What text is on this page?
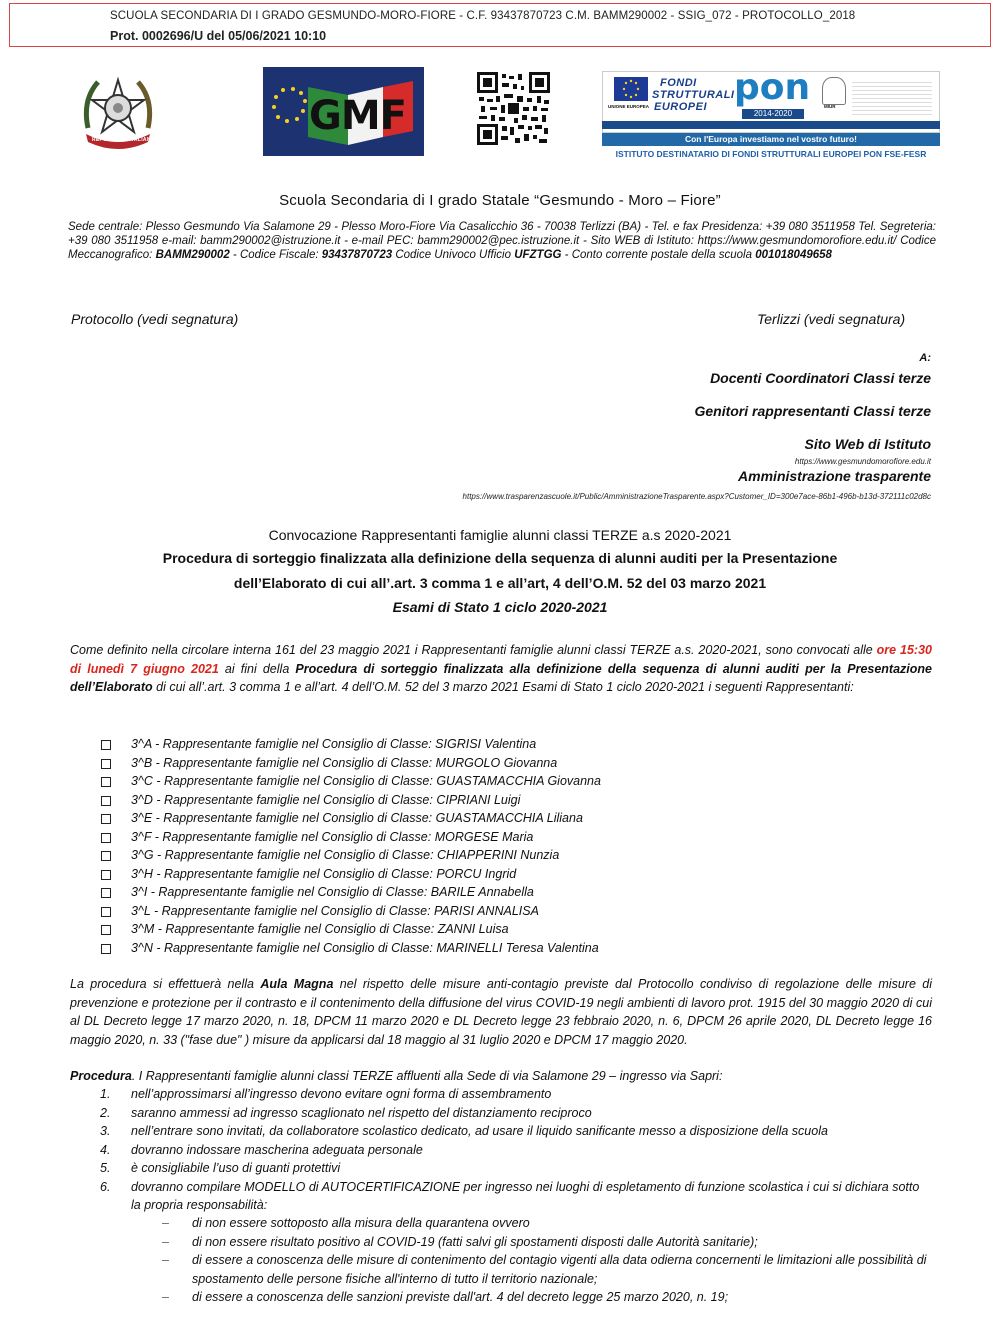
SCUOLA SECONDARIA DI I GRADO GESMUNDO-MORO-FIORE - C.F. 93437870723 C.M. BAMM290002 - SSIG_072 - PROTOCOLLO_2018
Prot. 0002696/U del 05/06/2021 10:10
REPUBBLICA ITALIANA
GMF	UNIONE EUROPEA
FONDI
STRUTTURALI
EUROPEI pon
2014-2020
MIUR
Con l'Europa investiamo nel vostro futuro!
ISTITUTO DESTINATARIO DI FONDI STRUTTURALI EUROPEI PON FSE-FESR
Scuola Secondaria di I grado Statale “Gesmundo - Moro – Fiore”
Sede centrale: Plesso Gesmundo Via Salamone 29 - Plesso Moro-Fiore Via Casalicchio 36 - 70038 Terlizzi (BA) - Tel. e fax Presidenza: +39 080 3511958 Tel. Segreteria: +39 080 3511958 e-mail: bamm290002@istruzione.it - e-mail PEC: bamm290002@pec.istruzione.it - Sito WEB di Istituto: https://www.gesmundomorofiore.edu.it/ Codice Meccanografico: BAMM290002 - Codice Fiscale: 93437870723 Codice Univoco Ufficio UFZTGG - Conto corrente postale della scuola 001018049658
Protocollo (vedi segnatura)	Terlizzi (vedi segnatura)
A:
Docenti Coordinatori Classi terze
Genitori rappresentanti Classi terze
Sito Web di Istituto
https://www.gesmundomorofiore.edu.it
Amministrazione trasparente
https://www.trasparenzascuole.it/Public/AmministrazioneTrasparente.aspx?Customer_ID=300e7ace-86b1-496b-b13d-372111c02d8c
Convocazione Rappresentanti famiglie alunni classi TERZE a.s 2020-2021
Procedura di sorteggio finalizzata alla definizione della sequenza di alunni auditi per la Presentazione
dell’Elaborato di cui all’.art. 3 comma 1 e all’art, 4 dell’O.M. 52 del 03 marzo 2021
Esami di Stato 1 ciclo 2020-2021
Come definito nella circolare interna 161 del 23 maggio 2021 i Rappresentanti famiglie alunni classi TERZE a.s. 2020-2021, sono convocati alle ore 15:30 di lunedì 7 giugno 2021 ai fini della Procedura di sorteggio finalizzata alla definizione della sequenza di alunni auditi per la Presentazione dell’Elaborato di cui all’.art. 3 comma 1 e all’art. 4 dell’O.M. 52 del 3 marzo 2021 Esami di Stato 1 ciclo 2020-2021 i seguenti Rappresentanti:
3^A - Rappresentante famiglie nel Consiglio di Classe: SIGRISI Valentina
3^B - Rappresentante famiglie nel Consiglio di Classe: MURGOLO Giovanna
3^C - Rappresentante famiglie nel Consiglio di Classe: GUASTAMACCHIA Giovanna
3^D - Rappresentante famiglie nel Consiglio di Classe: CIPRIANI Luigi
3^E - Rappresentante famiglie nel Consiglio di Classe: GUASTAMACCHIA Liliana
3^F - Rappresentante famiglie nel Consiglio di Classe: MORGESE Maria
3^G - Rappresentante famiglie nel Consiglio di Classe: CHIAPPERINI Nunzia
3^H - Rappresentante famiglie nel Consiglio di Classe: PORCU Ingrid
3^I - Rappresentante famiglie nel Consiglio di Classe: BARILE Annabella
3^L - Rappresentante famiglie nel Consiglio di Classe: PARISI ANNALISA
3^M - Rappresentante famiglie nel Consiglio di Classe: ZANNI Luisa
3^N - Rappresentante famiglie nel Consiglio di Classe: MARINELLI Teresa Valentina
La procedura si effettuerà nella Aula Magna nel rispetto delle misure anti-contagio previste dal Protocollo condiviso di regolazione delle misure di prevenzione e protezione per il contrasto e il contenimento della diffusione del virus COVID-19 negli ambienti di lavoro prot. 1915 del 30 maggio 2020 di cui al DL Decreto legge 17 marzo 2020, n. 18, DPCM 11 marzo 2020 e DL Decreto legge 23 febbraio 2020, n. 6, DPCM 26 aprile 2020, DL Decreto legge 16 maggio 2020, n. 33 ("fase due" ) misure da applicarsi dal 18 maggio al 31 luglio 2020 e DPCM 17 maggio 2020.
Procedura. I Rappresentanti famiglie alunni classi TERZE affluenti alla Sede di via Salamone 29 – ingresso via Sapri:
1. nell’approssimarsi all’ingresso devono evitare ogni forma di assembramento
2. saranno ammessi ad ingresso scaglionato nel rispetto del distanziamento reciproco
3. nell’entrare sono invitati, da collaboratore scolastico dedicato, ad usare il liquido sanificante messo a disposizione della scuola
4. dovranno indossare mascherina adeguata personale
5. è consigliabile l’uso di guanti protettivi
6. dovranno compilare MODELLO di AUTOCERTIFICAZIONE per ingresso nei luoghi di espletamento di funzione scolastica i cui si dichiara sotto la propria responsabilità:
– di non essere sottoposto alla misura della quarantena ovvero
– di non essere risultato positivo al COVID-19 (fatti salvi gli spostamenti disposti dalle Autorità sanitarie);
– di essere a conoscenza delle misure di contenimento del contagio vigenti alla data odierna concernenti le limitazioni alle possibilità di spostamento delle persone fisiche all'interno di tutto il territorio nazionale;
– di essere a conoscenza delle sanzioni previste dall'art. 4 del decreto legge 25 marzo 2020, n. 19;
